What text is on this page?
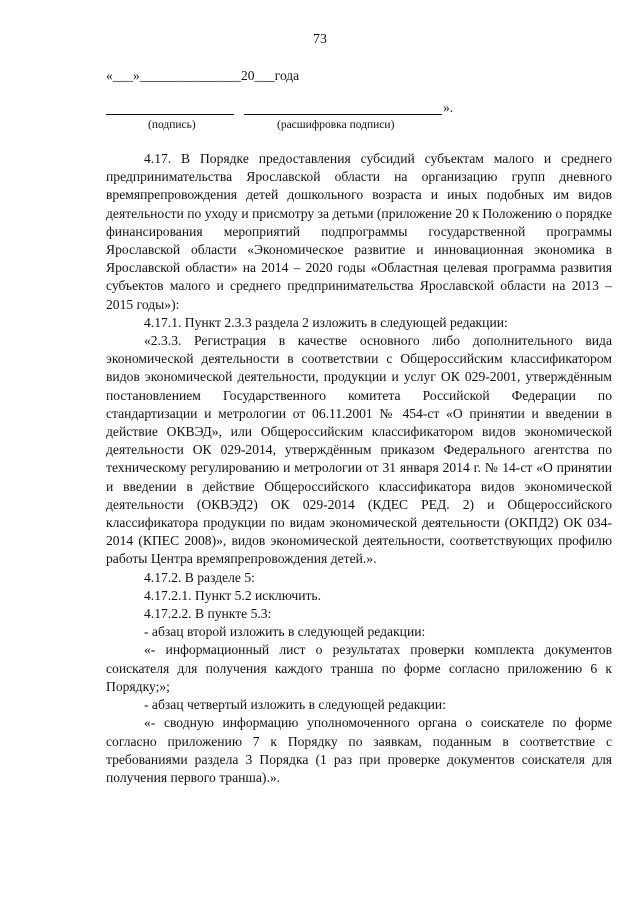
73
«___»_______________20___года
».
(подпись)	(расшифровка подписи)

4.17. В Порядке предоставления субсидий субъектам малого и среднего предпринимательства Ярославской области на организацию групп дневного времяпрепровождения детей дошкольного возраста и иных подобных им видов деятельности по уходу и присмотру за детьми (приложение 20 к Положению о порядке финансирования мероприятий подпрограммы государственной программы Ярославской области «Экономическое развитие и инновационная экономика в Ярославской области» на 2014 – 2020 годы «Областная целевая программа развития субъектов малого и среднего предпринимательства Ярославской области на 2013 – 2015 годы»):

4.17.1. Пункт 2.3.3 раздела 2 изложить в следующей редакции:

«2.3.3. Регистрация в качестве основного либо дополнительного вида экономической деятельности в соответствии с Общероссийским классификатором видов экономической деятельности, продукции и услуг ОК 029-2001, утверждённым постановлением Государственного комитета Российской Федерации по стандартизации и метрологии от 06.11.2001 № 454-ст «О принятии и введении в действие ОКВЭД», или Общероссийским классификатором видов экономической деятельности ОК 029-2014, утверждённым приказом Федерального агентства по техническому регулированию и метрологии от 31 января 2014 г. № 14-ст «О принятии и введении в действие Общероссийского классификатора видов экономической деятельности (ОКВЭД2) ОК 029-2014 (КДЕС РЕД. 2) и Общероссийского классификатора продукции по видам экономической деятельности (ОКПД2) ОК 034-2014 (КПЕС 2008)», видов экономической деятельности, соответствующих профилю работы Центра времяпрепровождения детей.».

4.17.2. В разделе 5:

4.17.2.1. Пункт 5.2 исключить.

4.17.2.2. В пункте 5.3:

- абзац второй изложить в следующей редакции:

«- информационный лист о результатах проверки комплекта документов соискателя для получения каждого транша по форме согласно приложению 6 к Порядку;»;

- абзац четвертый изложить в следующей редакции:

«- сводную информацию уполномоченного органа о соискателе по форме согласно приложению 7 к Порядку по заявкам, поданным в соответствие с требованиями раздела 3 Порядка (1 раз при проверке документов соискателя для получения первого транша).».
